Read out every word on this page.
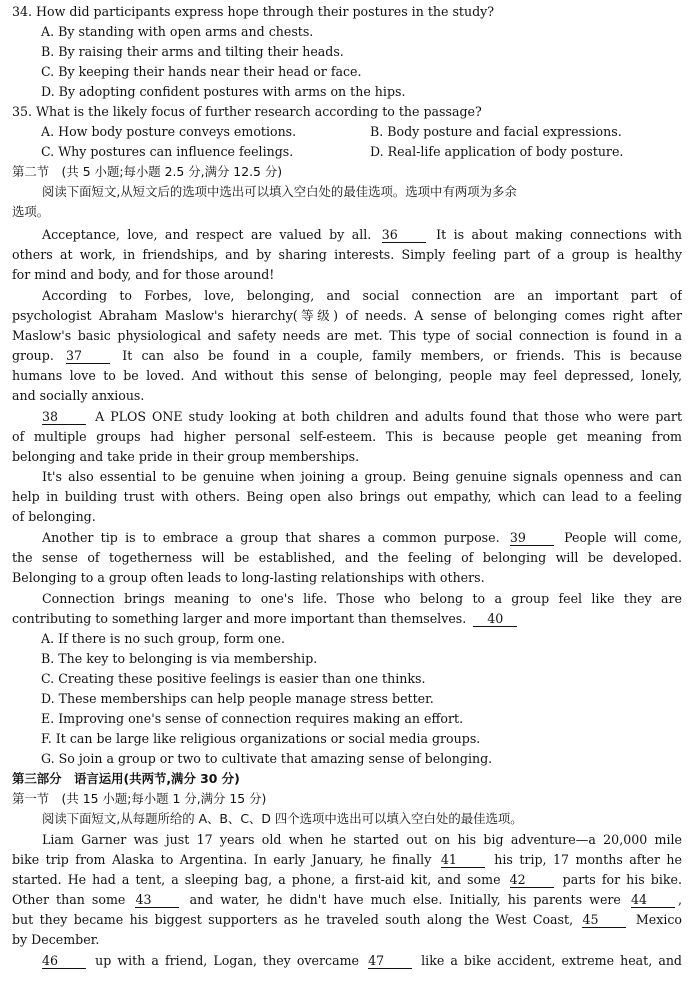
34. How did participants express hope through their postures in the study?
A. By standing with open arms and chests.
B. By raising their arms and tilting their heads.
C. By keeping their hands near their head or face.
D. By adopting confident postures with arms on the hips.
35. What is the likely focus of further research according to the passage?
A. How body posture conveys emotions.	B. Body posture and facial expressions.
C. Why postures can influence feelings.	D. Real-life application of body posture.
第二节　(共 5 小题;每小题 2.5 分,满分 12.5 分)
阅读下面短文,从短文后的选项中选出可以填入空白处的最佳选项。选项中有两项为多余
选项。
Acceptance, love, and respect are valued by all. 36	It is about making connections with
others at work, in friendships, and by sharing interests. Simply feeling part of a group is healthy
for mind and body, and for those around!
According to Forbes, love, belonging, and social connection are an important part of
psychologist Abraham Maslow's hierarchy(等级) of needs. A sense of belonging comes right after
Maslow's basic physiological and safety needs are met. This type of social connection is found in a
group. 37	It can also be found in a couple, family members, or friends. This is because
humans love to be loved. And without this sense of belonging, people may feel depressed, lonely,
and socially anxious.
38	A PLOS ONE study looking at both children and adults found that those who were part
of multiple groups had higher personal self-esteem. This is because people get meaning from
belonging and take pride in their group memberships.
It's also essential to be genuine when joining a group. Being genuine signals openness and can
help in building trust with others. Being open also brings out empathy, which can lead to a feeling
of belonging.
Another tip is to embrace a group that shares a common purpose. 39	People will come,
the sense of togetherness will be established, and the feeling of belonging will be developed.
Belonging to a group often leads to long-lasting relationships with others.
Connection brings meaning to one's life. Those who belong to a group feel like they are
contributing to something larger and more important than themselves. 40
A. If there is no such group, form one.
B. The key to belonging is via membership.
C. Creating these positive feelings is easier than one thinks.
D. These memberships can help people manage stress better.
E. Improving one's sense of connection requires making an effort.
F. It can be large like religious organizations or social media groups.
G. So join a group or two to cultivate that amazing sense of belonging.
第三部分　语言运用(共两节,满分 30 分)
第一节　(共 15 小题;每小题 1 分,满分 15 分)
阅读下面短文,从每题所给的 A、B、C、D 四个选项中选出可以填入空白处的最佳选项。
Liam Garner was just 17 years old when he started out on his big adventure—a 20,000 mile
bike trip from Alaska to Argentina. In early January, he finally 41	his trip, 17 months after he
started. He had a tent, a sleeping bag, a phone, a first-aid kit, and some 42	parts for his bike.
Other than some 43	and water, he didn't have much else. Initially, his parents were 44 ,
but they became his biggest supporters as he traveled south along the West Coast, 45	Mexico
by December.
46	up with a friend, Logan, they overcame 47	like a bike accident, extreme heat, and
